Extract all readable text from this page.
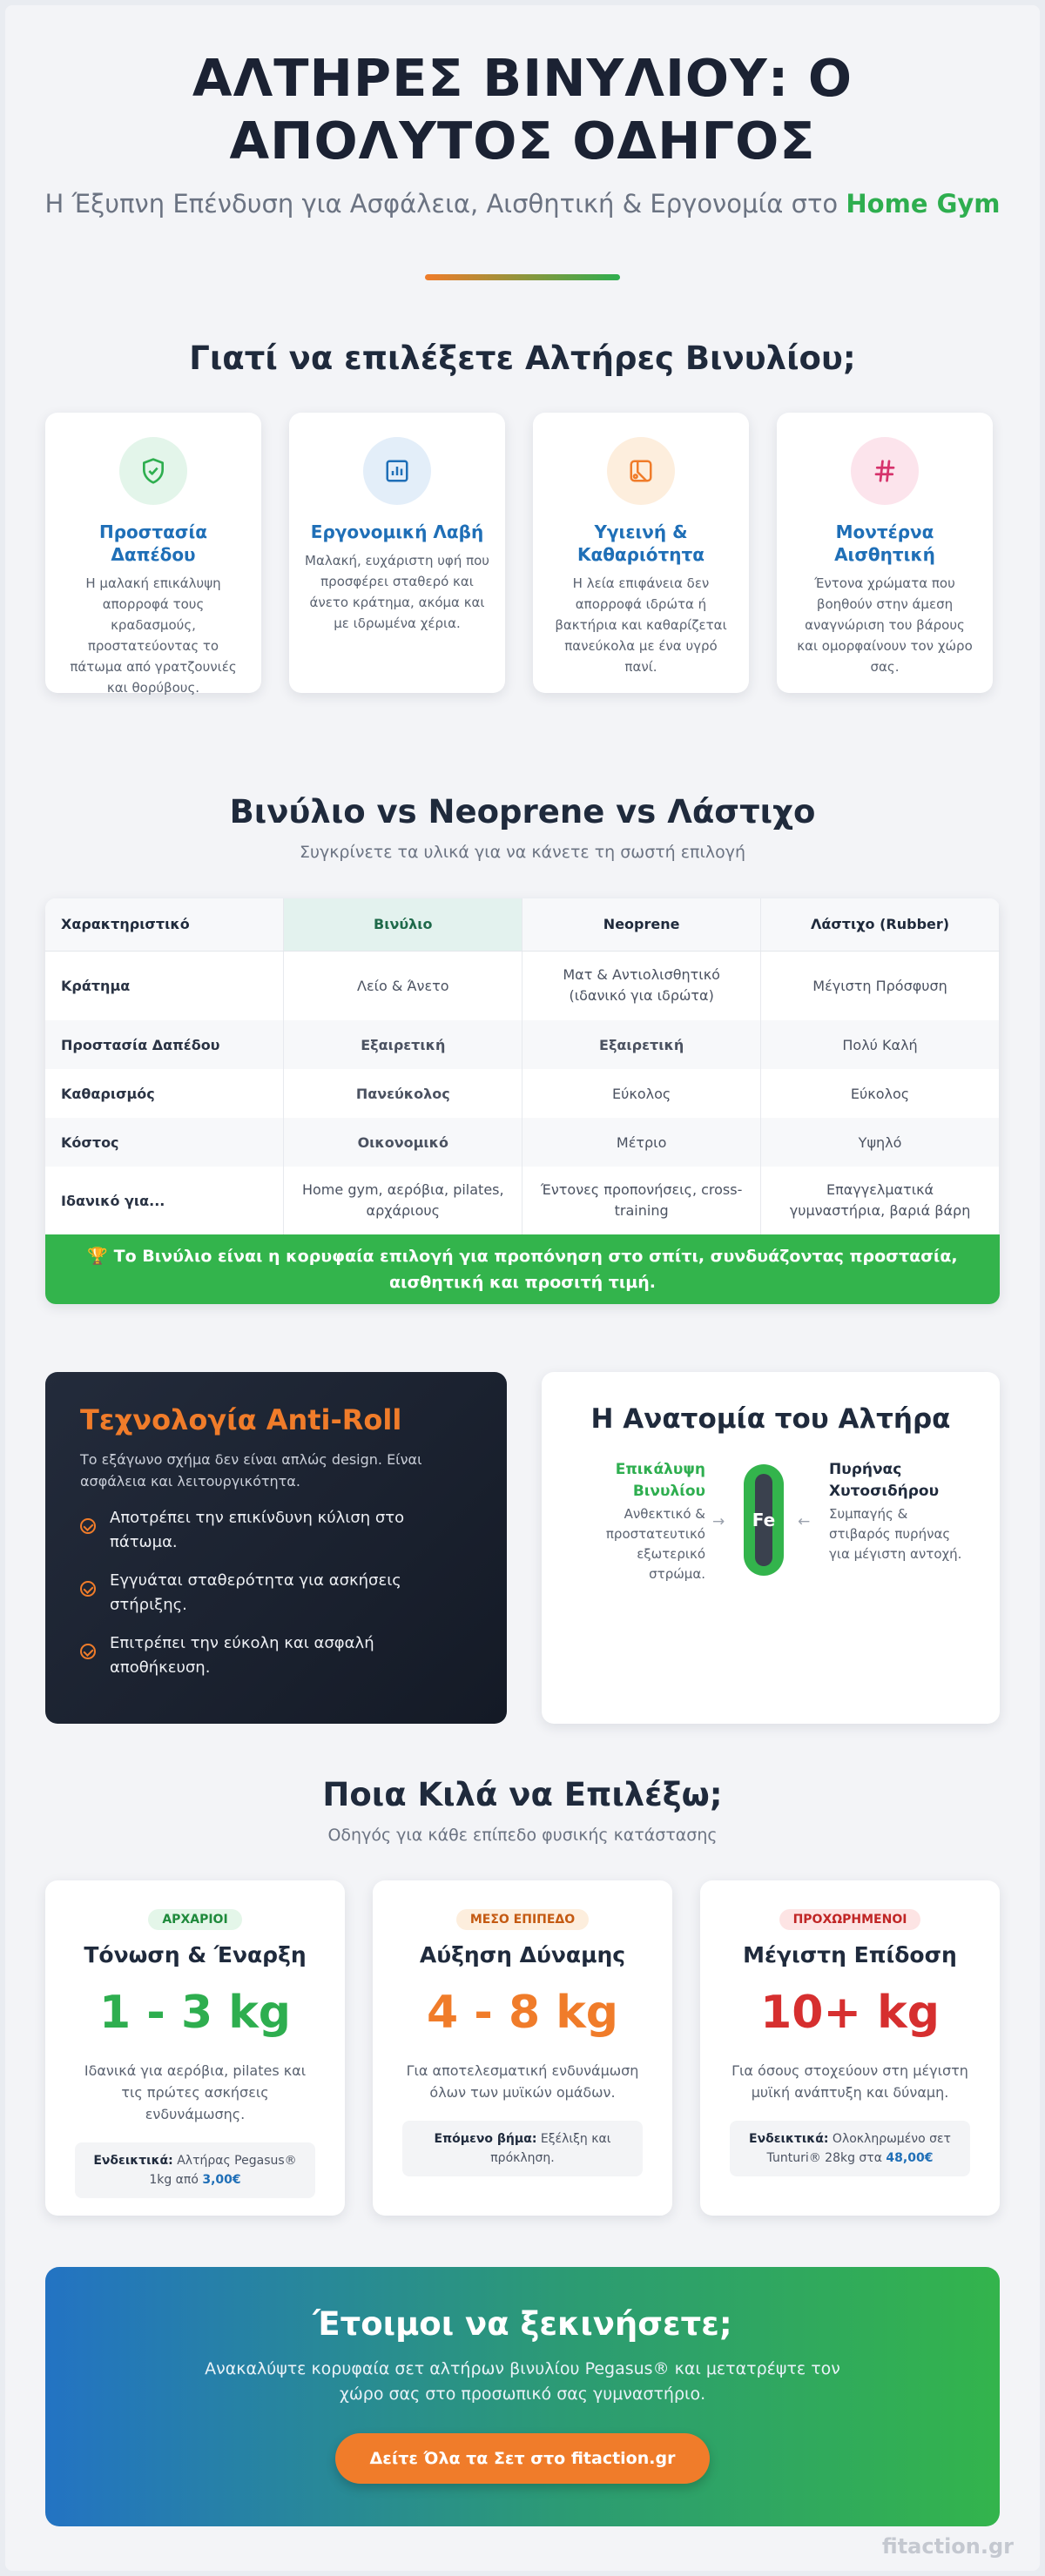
ΑΛΤΗΡΕΣ ΒΙΝΥΛΙΟΥ: Ο ΑΠΟΛΥΤΟΣ ΟΔΗΓΟΣ
Η Έξυπνη Επένδυση για Ασφάλεια, Αισθητική & Εργονομία στο Home Gym
Γιατί να επιλέξετε Αλτήρες Βινυλίου;
Προστασία Δαπέδου
Η μαλακή επικάλυψη απορροφά τους κραδασμούς, προστατεύοντας το πάτωμα από γρατζουνιές και θορύβους.
Εργονομική Λαβή
Μαλακή, ευχάριστη υφή που προσφέρει σταθερό και άνετο κράτημα, ακόμα και με ιδρωμένα χέρια.
Υγιεινή & Καθαριότητα
Η λεία επιφάνεια δεν απορροφά ιδρώτα ή βακτήρια και καθαρίζεται πανεύκολα με ένα υγρό πανί.
Μοντέρνα Αισθητική
Έντονα χρώματα που βοηθούν στην άμεση αναγνώριση του βάρους και ομορφαίνουν τον χώρο σας.
Βινύλιο vs Neoprene vs Λάστιχο
Συγκρίνετε τα υλικά για να κάνετε τη σωστή επιλογή
Χαρακτηριστικό	Βινύλιο	Neoprene	Λάστιχο (Rubber)
Κράτημα	Λείο & Άνετο	Ματ & Αντιολισθητικό (ιδανικό για ιδρώτα)	Μέγιστη Πρόσφυση
Προστασία Δαπέδου	Εξαιρετική	Εξαιρετική	Πολύ Καλή
Καθαρισμός	Πανεύκολος	Εύκολος	Εύκολος
Κόστος	Οικονομικό	Μέτριο	Υψηλό
Ιδανικό για...	Home gym, αερόβια, pilates, αρχάριους	Έντονες προπονήσεις, cross-training	Επαγγελματικά γυμναστήρια, βαριά βάρη
🏆 Το Βινύλιο είναι η κορυφαία επιλογή για προπόνηση στο σπίτι, συνδυάζοντας προστασία, αισθητική και προσιτή τιμή.
Τεχνολογία Anti-Roll

Το εξάγωνο σχήμα δεν είναι απλώς design. Είναι ασφάλεια και λειτουργικότητα.

Αποτρέπει την επικίνδυνη κύλιση στο πάτωμα.
Εγγυάται σταθερότητα για ασκήσεις στήριξης.
Επιτρέπει την εύκολη και ασφαλή αποθήκευση.
Η Ανατομία του Αλτήρα
Επικάλυψη Βινυλίου
Ανθεκτικό & προστατευτικό εξωτερικό στρώμα.
→ Fe ←
Πυρήνας Χυτοσιδήρου
Συμπαγής & στιβαρός πυρήνας για μέγιστη αντοχή.
Ποια Κιλά να Επιλέξω;
Οδηγός για κάθε επίπεδο φυσικής κατάστασης
ΑΡΧΑΡΙΟΙ
Τόνωση & Έναρξη
1 - 3 kg
Ιδανικά για αερόβια, pilates και τις πρώτες ασκήσεις ενδυνάμωσης.
Ενδεικτικά: Αλτήρας Pegasus® 1kg από 3,00€
ΜΕΣΟ ΕΠΙΠΕΔΟ
Αύξηση Δύναμης
4 - 8 kg
Για αποτελεσματική ενδυνάμωση όλων των μυϊκών ομάδων.
Επόμενο βήμα: Εξέλιξη και πρόκληση.
ΠΡΟΧΩΡΗΜΕΝΟΙ
Μέγιστη Επίδοση
10+ kg
Για όσους στοχεύουν στη μέγιστη μυϊκή ανάπτυξη και δύναμη.
Ενδεικτικά: Ολοκληρωμένο σετ Tunturi® 28kg στα 48,00€
Έτοιμοι να ξεκινήσετε;

Ανακαλύψτε κορυφαία σετ αλτήρων βινυλίου Pegasus® και μετατρέψτε τον χώρο σας στο προσωπικό σας γυμναστήριο.

Δείτε Όλα τα Σετ στο fitaction.gr
fitaction.gr
